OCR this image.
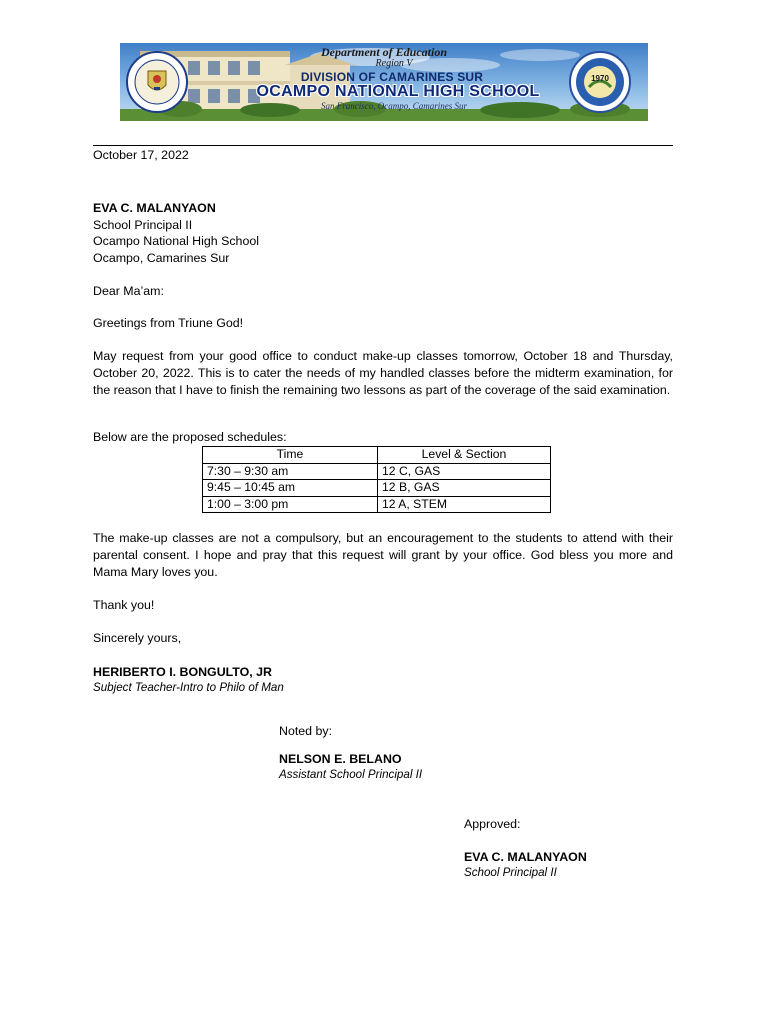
1970
Department of Education
Region V
DIVISION OF CAMARINES SUR
OCAMPO NATIONAL HIGH SCHOOL
San Francisco, Ocampo, Camarines Sur
October 17, 2022
EVA C. MALANYAON
School Principal II
Ocampo National High School
Ocampo, Camarines Sur
Dear Ma’am:
Greetings from Triune God!
May request from your good office to conduct make-up classes tomorrow, October 18 and Thursday, October 20, 2022. This is to cater the needs of my handled classes before the midterm examination, for the reason that I have to finish the remaining two lessons as part of the coverage of the said examination.
Below are the proposed schedules:
Time	Level & Section
7:30 – 9:30 am	12 C, GAS
9:45 – 10:45 am	12 B, GAS
1:00 – 3:00 pm	12 A, STEM
The make-up classes are not a compulsory, but an encouragement to the students to attend with their parental consent. I hope and pray that this request will grant by your office. God bless you more and Mama Mary loves you.
Thank you!
Sincerely yours,
HERIBERTO I. BONGULTO, JR
Subject Teacher-Intro to Philo of Man
Noted by:
NELSON E. BELANO
Assistant School Principal II
Approved:
EVA C. MALANYAON
School Principal II
